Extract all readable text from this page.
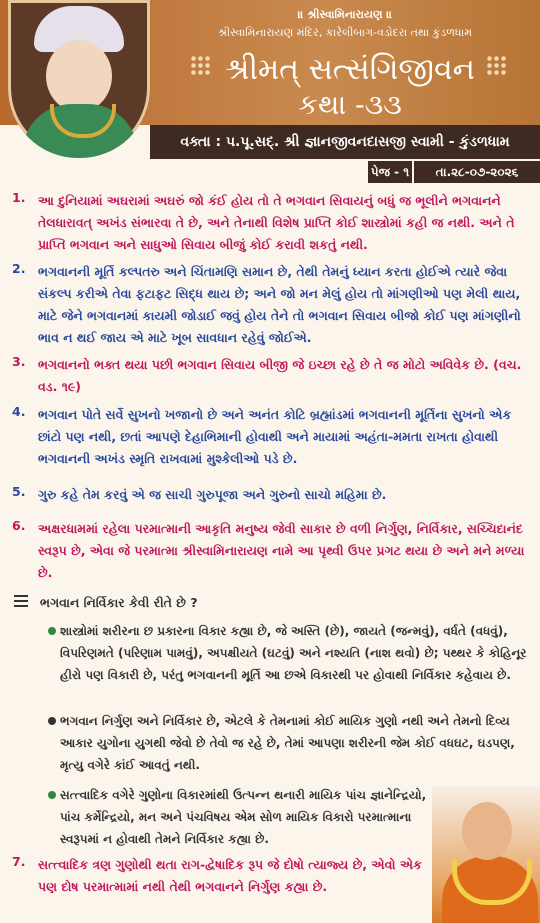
॥ શ્રીસ્વામિનારાયણ ॥
શ્રીસ્વામિનારાયણ મંદિર, કારેલીબાગ-વડોદરા તથા કુંડળધામ
શ્રીમત્ સત્સંગિજીવન
કથા -૩૩
વક્તા : પ.પૂ.સદ્. શ્રી જ્ઞાનજીવનદાસજી સ્વામી - કુંડળધામ
પેજ - ૧	તા.૨૮-૦૭-૨૦૨૬
1. આ દુનિયામાં અઘરામાં અઘરું જો કંઈ હોય તો તે ભગવાન સિવાયનું બધું જ ભૂલીને ભગવાનને તેલધારાવત્ અખંડ સંભારવા તે છે, અને તેનાથી વિશેષ પ્રાપ્તિ કોઈ શાસ્ત્રોમાં કહી જ નથી. અને તે પ્રાપ્તિ ભગવાન અને સાધુઓ સિવાય બીજું કોઈ કરાવી શકતું નથી.
2. ભગવાનની મૂર્તિ કલ્પતરુ અને ચિંતામણિ સમાન છે, તેથી તેમનું ધ્યાન કરતા હોઈએ ત્યારે જેવા સંકલ્પ કરીએ તેવા ફટાફટ સિદ્ધ થાય છે; અને જો મન મેલું હોય તો માંગણીઓ પણ મેલી થાય, માટે જેને ભગવાનમાં કાયમી જોડાઈ જવું હોય તેને તો ભગવાન સિવાય બીજો કોઈ પણ માંગણીનો ભાવ ન થઈ જાય એ માટે ખૂબ સાવધાન રહેવું જોઈએ.
3. ભગવાનનો ભક્ત થયા પછી ભગવાન સિવાય બીજી જે ઇચ્છા રહે છે તે જ મોટો અવિવેક છે. (વચ. વડ. ૧૯)
4. ભગવાન પોતે સર્વે સુખનો ખજાનો છે અને અનંત કોટિ બ્રહ્માંડમાં ભગવાનની મૂર્તિના સુખનો એક છાંટો પણ નથી, છતાં આપણે દેહાભિમાની હોવાથી અને માયામાં અહંતા-મમતા રાખતા હોવાથી ભગવાનની અખંડ સ્મૃતિ રાખવામાં મુશ્કેલીઓ પડે છે.
5. ગુરુ કહે તેમ કરવું એ જ સાચી ગુરુપૂજા અને ગુરુનો સાચો મહિમા છે.
6. અક્ષરધામમાં રહેલા પરમાત્માની આકૃતિ મનુષ્ય જેવી સાકાર છે વળી નિર્ગુણ, નિર્વિકાર, સચ્ચિદાનંદ સ્વરૂપ છે, એવા જે પરમાત્મા શ્રીસ્વામિનારાયણ નામે આ પૃથ્વી ઉપર પ્રગટ થયા છે અને મને મળ્યા છે.
ભગવાન નિર્વિકાર કેવી રીતે છે ?
શાસ્ત્રોમાં શરીરના છ પ્રકારના વિકાર કહ્યા છે, જે અસ્તિ (છે), જાયતે (જન્મવું), વર્ધતે (વધવું), વિપરિણમતે (પરિણામ પામવું), અપક્ષીયતે (ઘટવું) અને નશ્યતિ (નાશ થવો) છે; પથ્થર કે કોહિનૂર હીરો પણ વિકારી છે, પરંતુ ભગવાનની મૂર્તિ આ છએ વિકારથી પર હોવાથી નિર્વિકાર કહેવાય છે.
ભગવાન નિર્ગુણ અને નિર્વિકાર છે, એટલે કે તેમનામાં કોઈ માયિક ગુણો નથી અને તેમનો દિવ્ય આકાર યુગોના યુગથી જેવો છે તેવો જ રહે છે, તેમાં આપણા શરીરની જેમ કોઈ વધઘટ, ઘડપણ, મૃત્યુ વગેરે કાંઈ આવતું નથી.
સત્ત્વાદિક વગેરે ગુણોના વિકારમાંથી ઉત્પન્ન થનારી માયિક પાંચ જ્ઞાનેન્દ્રિયો, પાંચ કર્મેન્દ્રિયો, મન અને પંચવિષય એમ સોળ માયિક વિકારો પરમાત્માના સ્વરૂપમાં ન હોવાથી તેમને નિર્વિકાર કહ્યા છે.
7. સત્ત્વાદિક ત્રણ ગુણોથી થતા રાગ-દ્વેષાદિક રૂપ જે દોષો ત્યાજ્ય છે, એવો એક પણ દોષ પરમાત્મામાં નથી તેથી ભગવાનને નિર્ગુણ કહ્યા છે.
